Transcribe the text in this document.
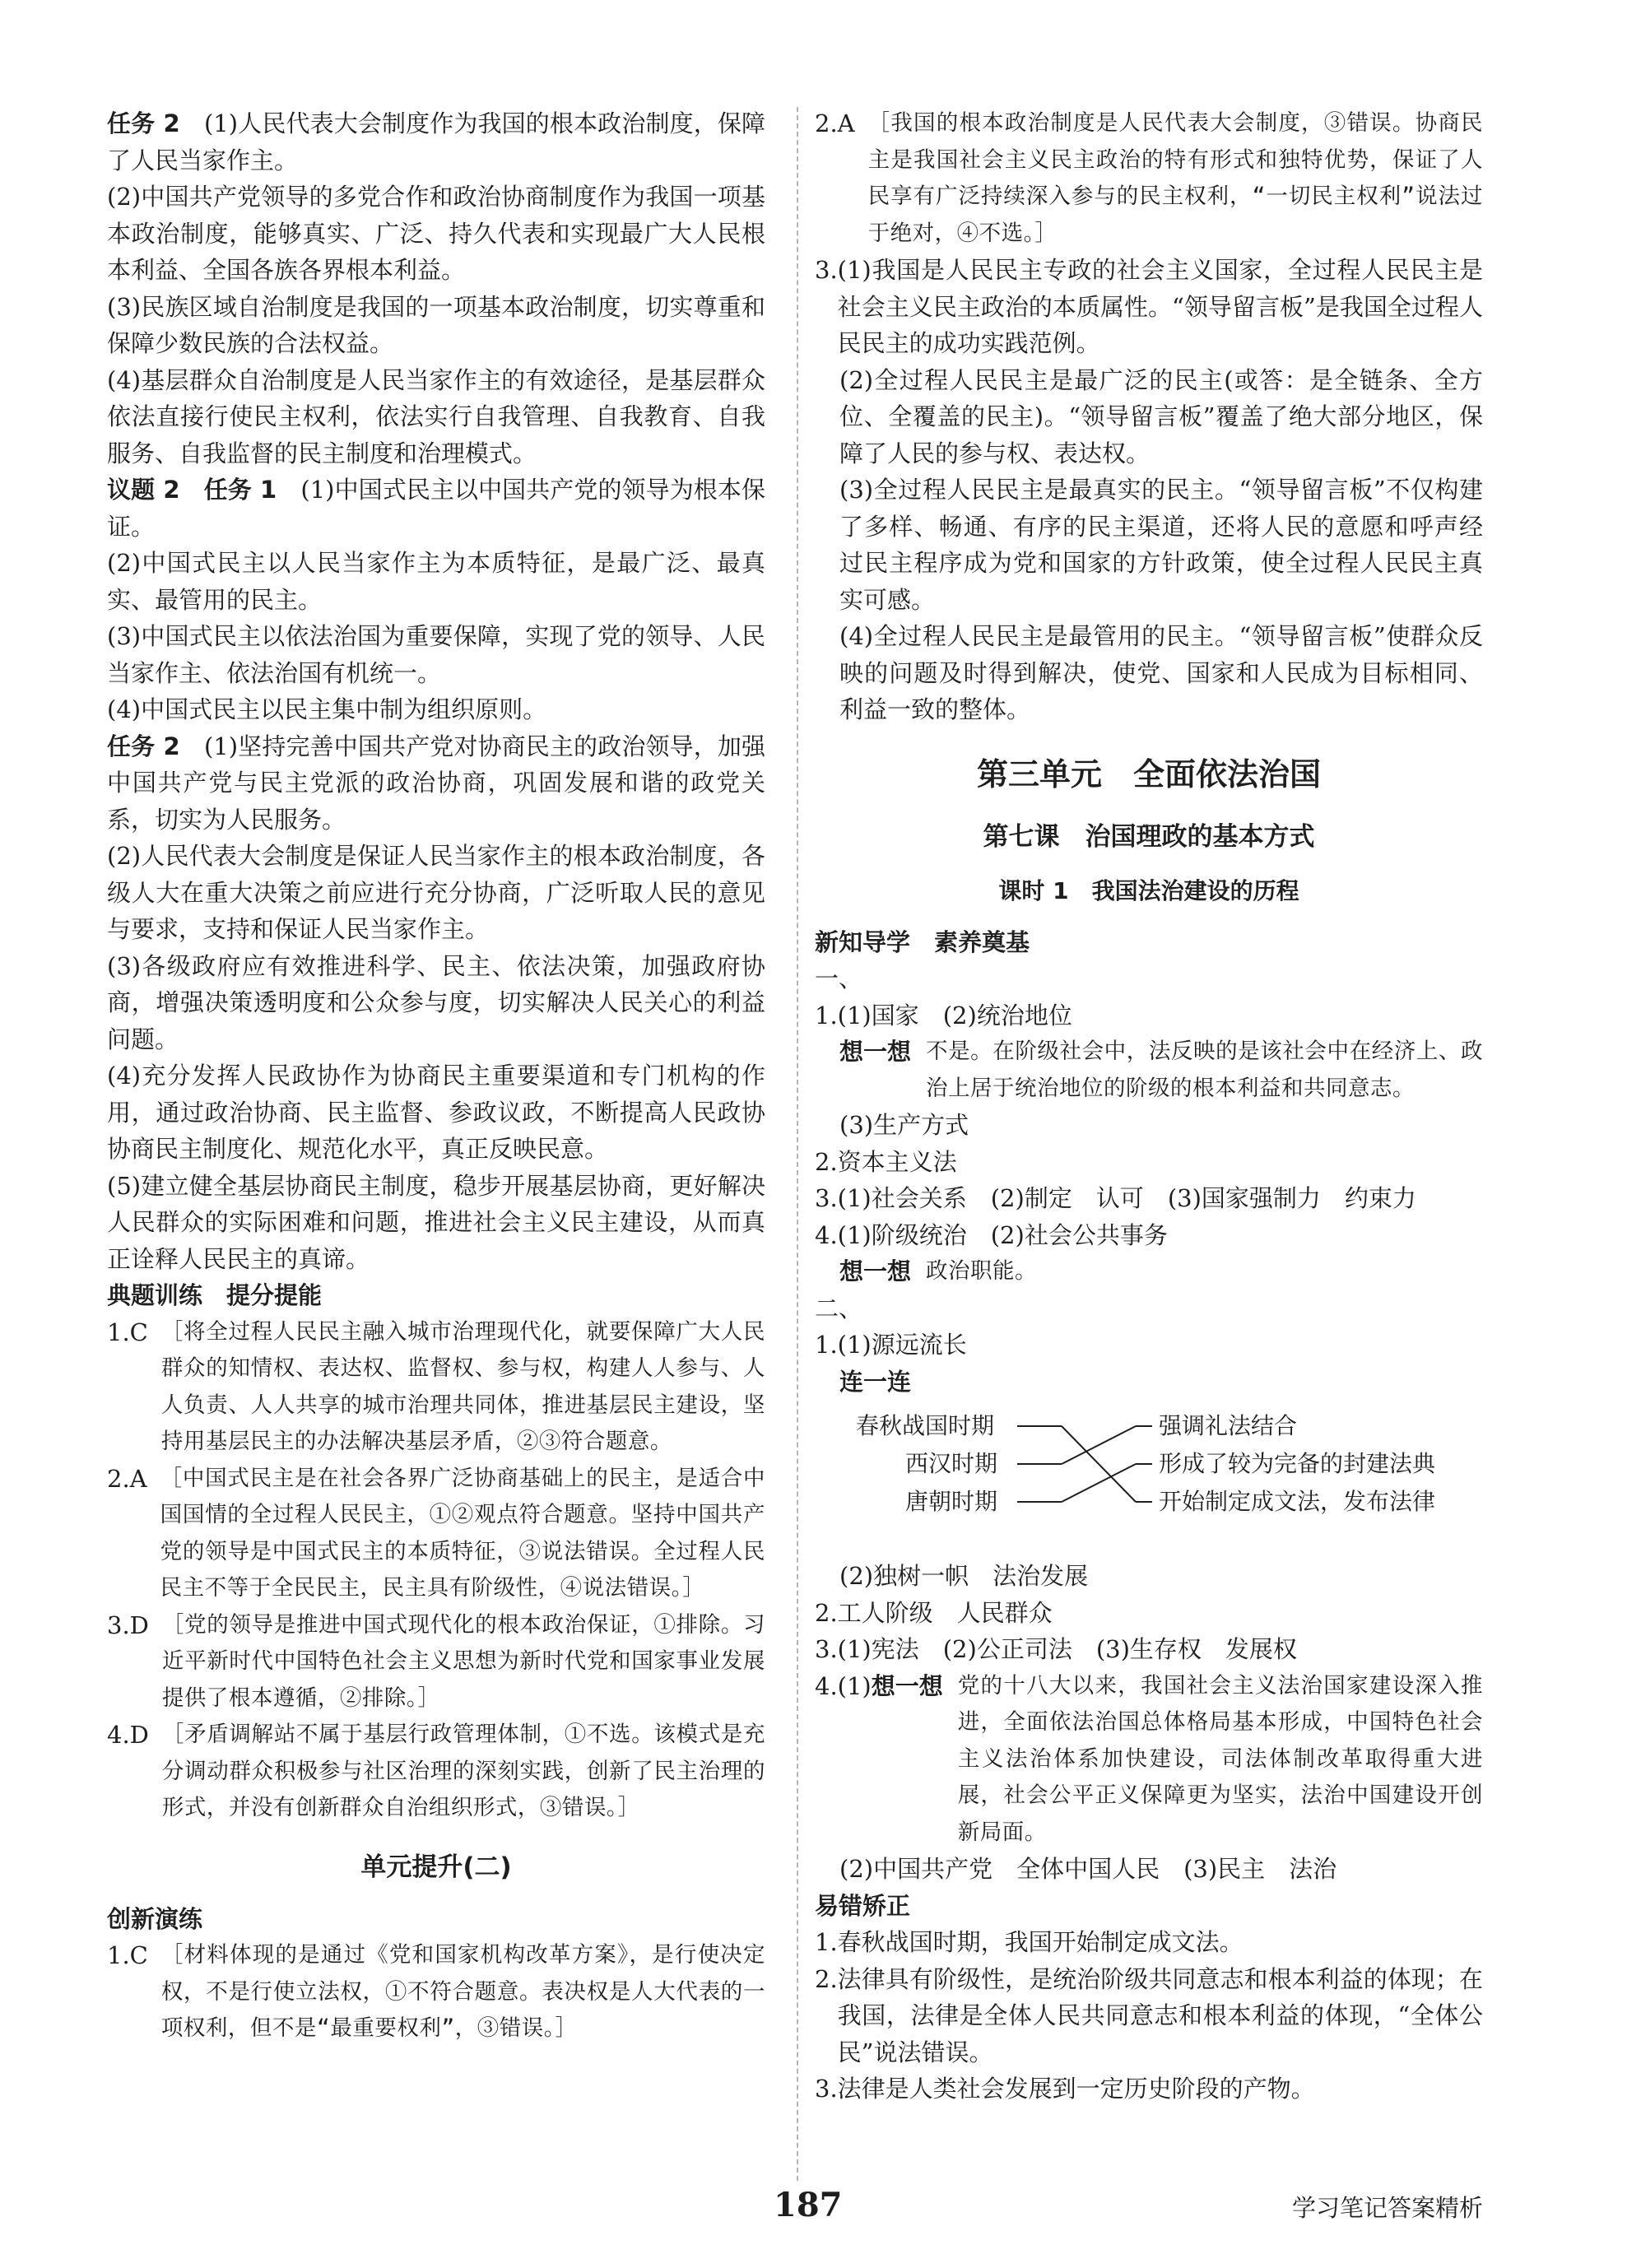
任务 2　 (1)人民代表大会制度作为我国的根本政治制度，保障了人民当家作主。

(2)中国共产党领导的多党合作和政治协商制度作为我国一项基本政治制度，能够真实、广泛、持久代表和实现最广大人民根本利益、全国各族各界根本利益。

(3)民族区域自治制度是我国的一项基本政治制度，切实尊重和保障少数民族的合法权益。

(4)基层群众自治制度是人民当家作主的有效途径，是基层群众依法直接行使民主权利，依法实行自我管理、自我教育、自我服务、自我监督的民主制度和治理模式。

议题 2　 任务 1　 (1)中国式民主以中国共产党的领导为根本保证。

(2)中国式民主以人民当家作主为本质特征，是最广泛、最真实、最管用的民主。

(3)中国式民主以依法治国为重要保障，实现了党的领导、人民当家作主、依法治国有机统一。

(4)中国式民主以民主集中制为组织原则。

任务 2　 (1)坚持完善中国共产党对协商民主的政治领导，加强中国共产党与民主党派的政治协商，巩固发展和谐的政党关系，切实为人民服务。

(2)人民代表大会制度是保证人民当家作主的根本政治制度，各级人大在重大决策之前应进行充分协商，广泛听取人民的意见与要求，支持和保证人民当家作主。

(3)各级政府应有效推进科学、民主、依法决策，加强政府协商，增强决策透明度和公众参与度，切实解决人民关心的利益问题。

(4)充分发挥人民政协作为协商民主重要渠道和专门机构的作用，通过政治协商、民主监督、参政议政，不断提高人民政协协商民主制度化、规范化水平，真正反映民意。

(5)建立健全基层协商民主制度，稳步开展基层协商，更好解决人民群众的实际困难和问题，推进社会主义民主建设，从而真正诠释人民民主的真谛。

典题训练　提分提能

1.C ［将全过程人民民主融入城市治理现代化，就要保障广大人民群众的知情权、表达权、监督权、参与权，构建人人参与、人人负责、人人共享的城市治理共同体，推进基层民主建设，坚持用基层民主的办法解决基层矛盾，②③符合题意。
2.A ［中国式民主是在社会各界广泛协商基础上的民主，是适合中国国情的全过程人民民主，①②观点符合题意。坚持中国共产党的领导是中国式民主的本质特征，③说法错误。全过程人民民主不等于全民民主，民主具有阶级性，④说法错误。］
3.D ［党的领导是推进中国式现代化的根本政治保证，①排除。习近平新时代中国特色社会主义思想为新时代党和国家事业发展提供了根本遵循，②排除。］
4.D ［矛盾调解站不属于基层行政管理体制，①不选。该模式是充分调动群众积极参与社区治理的深刻实践，创新了民主治理的形式，并没有创新群众自治组织形式，③错误。］
单元提升(二)

创新演练

1.C ［材料体现的是通过《党和国家机构改革方案》，是行使决定权，不是行使立法权，①不符合题意。表决权是人大代表的一项权利，但不是“最重要权利”，③错误。］
2.A ［我国的根本政治制度是人民代表大会制度，③错误。协商民主是我国社会主义民主政治的特有形式和独特优势，保证了人民享有广泛持续深入参与的民主权利，“一切民主权利”说法过于绝对，④不选。］
3. (1)我国是人民民主专政的社会主义国家，全过程人民民主是社会主义民主政治的本质属性。“领导留言板”是我国全过程人民民主的成功实践范例。

(2)全过程人民民主是最广泛的民主(或答：是全链条、全方位、全覆盖的民主)。“领导留言板”覆盖了绝大部分地区，保障了人民的参与权、表达权。

(3)全过程人民民主是最真实的民主。“领导留言板”不仅构建了多样、畅通、有序的民主渠道，还将人民的意愿和呼声经过民主程序成为党和国家的方针政策，使全过程人民民主真实可感。

(4)全过程人民民主是最管用的民主。“领导留言板”使群众反映的问题及时得到解决，使党、国家和人民成为目标相同、利益一致的整体。

第三单元　全面依法治国
第七课　治国理政的基本方式
课时 1　我国法治建设的历程

新知导学　素养奠基

一、

1.(1)国家　(2)统治地位

想一想 不是。在阶级社会中，法反映的是该社会中在经济上、政治上居于统治地位的阶级的根本利益和共同意志。

(3)生产方式

2.资本主义法

3.(1)社会关系　(2)制定　认可　(3)国家强制力　约束力

4.(1)阶级统治　(2)社会公共事务

想一想 政治职能。

二、

1.(1)源远流长

连一连

春秋战国时期
西汉时期
唐朝时期
强调礼法结合
形成了较为完备的封建法典
开始制定成文法，发布法律

(2)独树一帜　法治发展

2.工人阶级　人民群众

3.(1)宪法　(2)公正司法　(3)生存权　发展权

4.(1) 想一想 党的十八大以来，我国社会主义法治国家建设深入推进，全面依法治国总体格局基本形成，中国特色社会主义法治体系加快建设，司法体制改革取得重大进展，社会公平正义保障更为坚实，法治中国建设开创新局面。

(2)中国共产党　全体中国人民　(3)民主　法治

易错矫正

1.春秋战国时期，我国开始制定成文法。

2. 法律具有阶级性，是统治阶级共同意志和根本利益的体现；在我国，法律是全体人民共同意志和根本利益的体现，“全体公民”说法错误。

3.法律是人类社会发展到一定历史阶段的产物。

187	学习笔记答案精析
